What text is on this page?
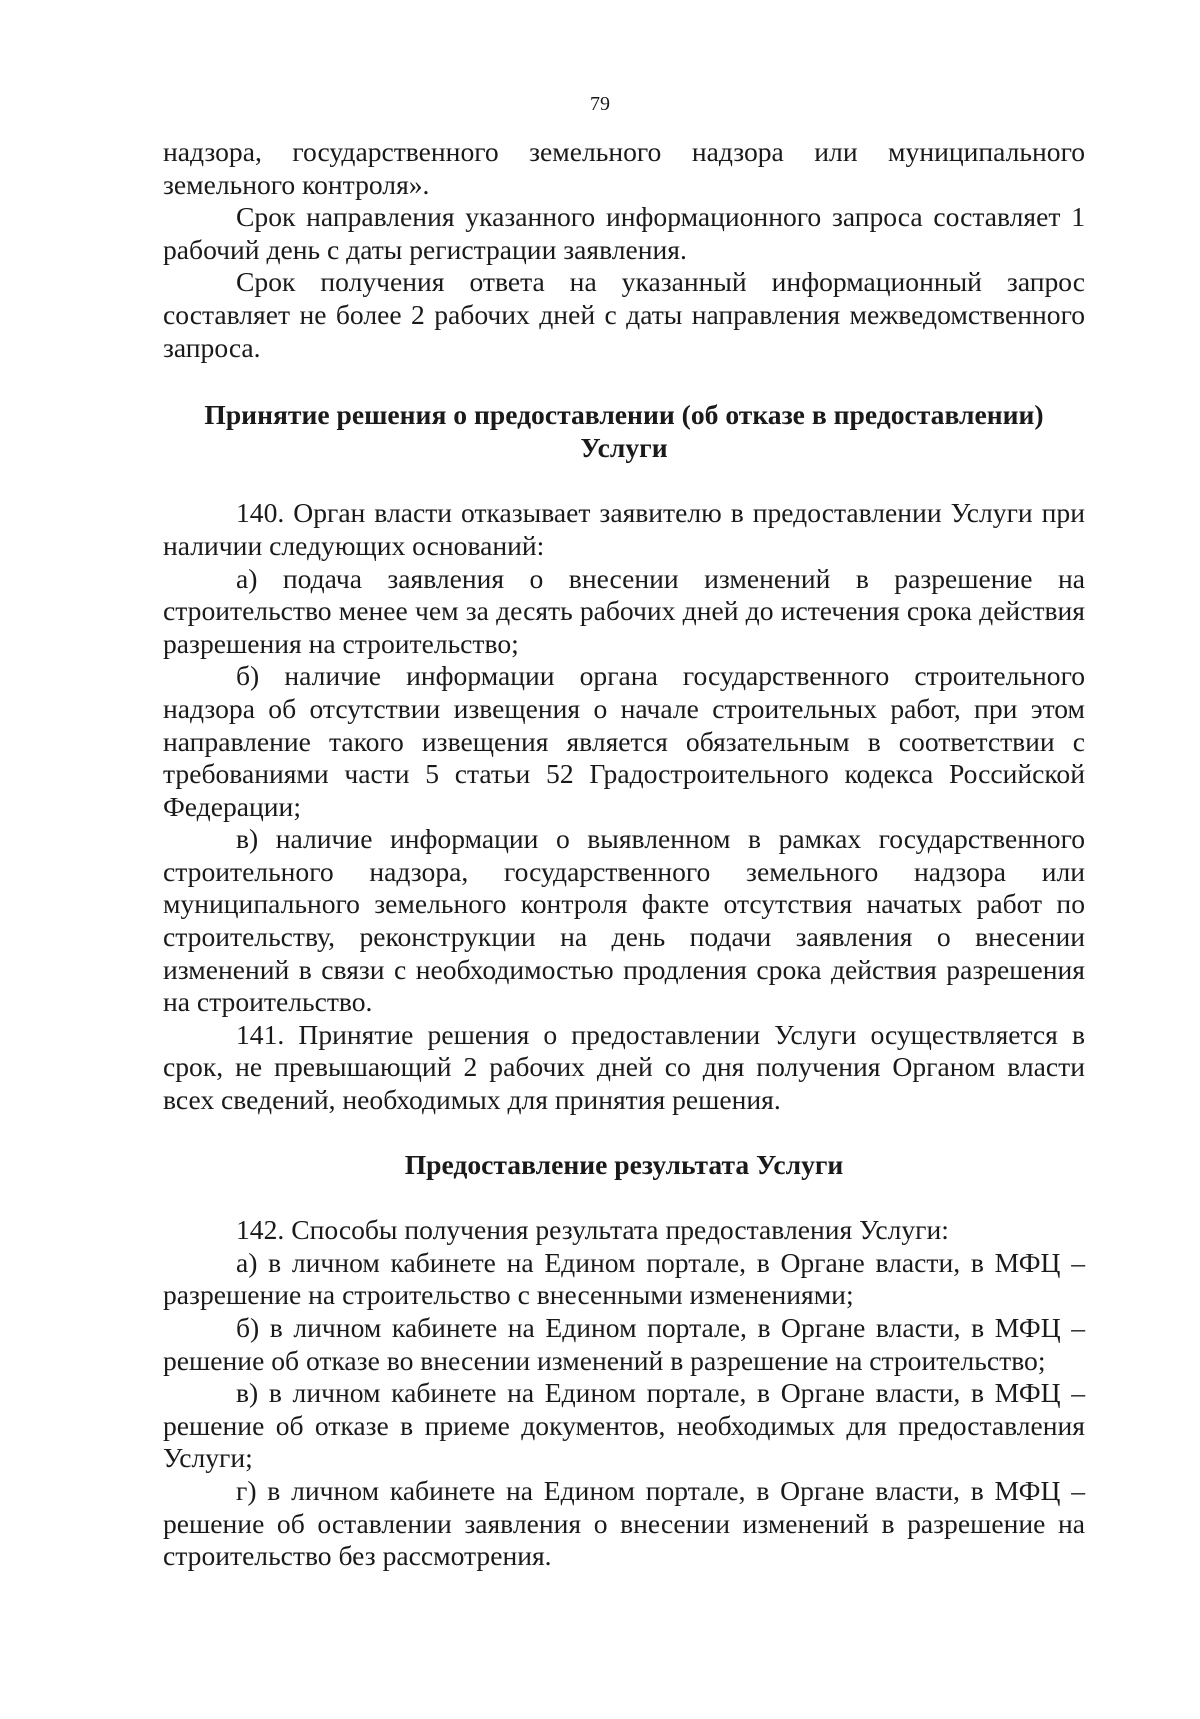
79

надзора, государственного земельного надзора или муниципального земельного контроля».

Срок направления указанного информационного запроса составляет 1 рабочий день с даты регистрации заявления.

Срок получения ответа на указанный информационный запрос составляет не более 2 рабочих дней с даты направления межведомственного запроса.

Принятие решения о предоставлении (об отказе в предоставлении)
Услуги

140. Орган власти отказывает заявителю в предоставлении Услуги при наличии следующих оснований:

а) подача заявления о внесении изменений в разрешение на строительство менее чем за десять рабочих дней до истечения срока действия разрешения на строительство;

б) наличие информации органа государственного строительного надзора об отсутствии извещения о начале строительных работ, при этом направление такого извещения является обязательным в соответствии с требованиями части 5 статьи 52 Градостроительного кодекса Российской Федерации;

в) наличие информации о выявленном в рамках государственного строительного надзора, государственного земельного надзора или муниципального земельного контроля факте отсутствия начатых работ по строительству, реконструкции на день подачи заявления о внесении изменений в связи с необходимостью продления срока действия разрешения на строительство.

141. Принятие решения о предоставлении Услуги осуществляется в срок, не превышающий 2 рабочих дней со дня получения Органом власти всех сведений, необходимых для принятия решения.

Предоставление результата Услуги

142. Способы получения результата предоставления Услуги:

а) в личном кабинете на Едином портале, в Органе власти, в МФЦ – разрешение на строительство с внесенными изменениями;

б) в личном кабинете на Едином портале, в Органе власти, в МФЦ – решение об отказе во внесении изменений в разрешение на строительство;

в) в личном кабинете на Едином портале, в Органе власти, в МФЦ – решение об отказе в приеме документов, необходимых для предоставления Услуги;

г) в личном кабинете на Едином портале, в Органе власти, в МФЦ – решение об оставлении заявления о внесении изменений в разрешение на строительство без рассмотрения.
